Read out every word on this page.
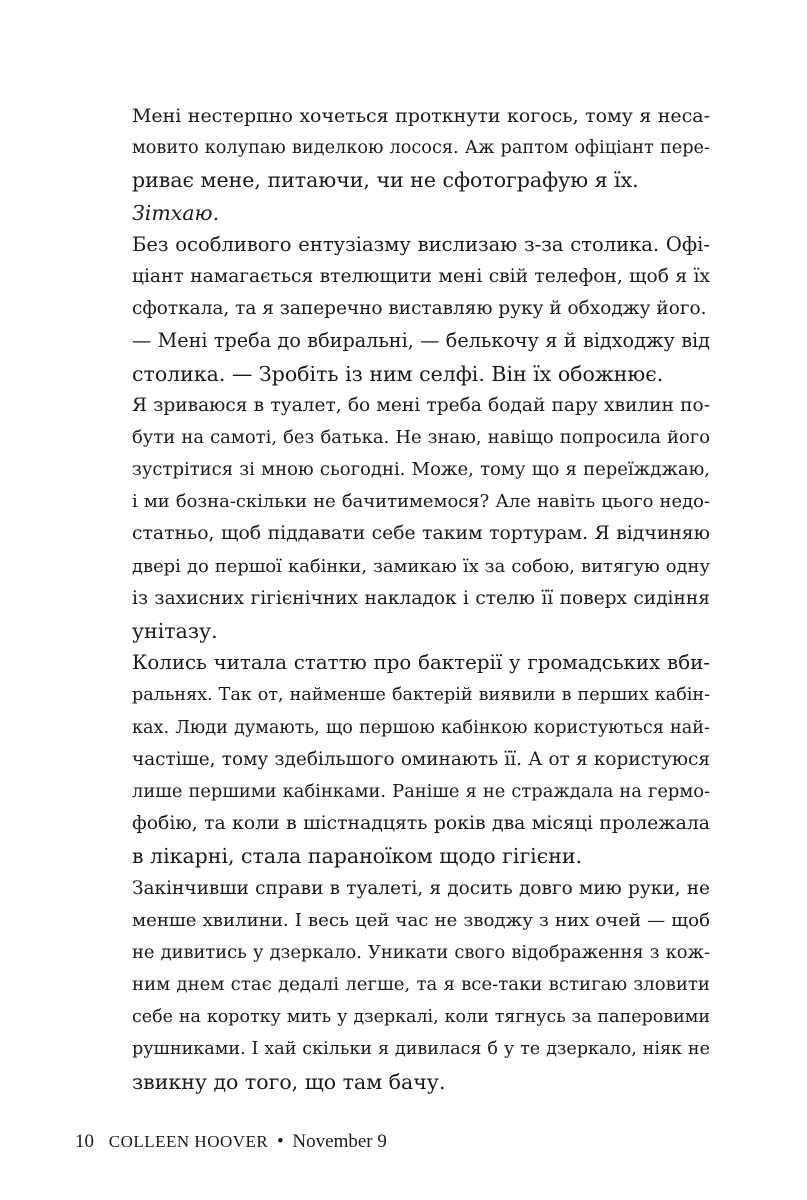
Мені нестерпно хочеться проткнути когось, тому я неса-
мовито колупаю виделкою лосося. Аж раптом офіціант пере-
риває мене, питаючи, чи не сфотографую я їх.
Зітхаю.
Без особливого ентузіазму вислизаю з-за столика. Офі-
ціант намагається втелющити мені свій телефон, щоб я їх
сфоткала, та я заперечно виставляю руку й обходжу його.
— Мені треба до вбиральні, — белькочу я й відходжу від
столика. — Зробіть із ним селфі. Він їх обожнює.
Я зриваюся в туалет, бо мені треба бодай пару хвилин по-
бути на самоті, без батька. Не знаю, навіщо попросила його
зустрітися зі мною сьогодні. Може, тому що я переїжджаю,
і ми бозна-скільки не бачитимемося? Але навіть цього недо-
статньо, щоб піддавати себе таким тортурам. Я відчиняю
двері до першої кабінки, замикаю їх за собою, витягую одну
із захисних гігієнічних накладок і стелю її поверх сидіння
унітазу.
Колись читала статтю про бактерії у громадських вби-
ральнях. Так от, найменше бактерій виявили в перших кабін-
ках. Люди думають, що першою кабінкою користуються най-
частіше, тому здебільшого оминають її. А от я користуюся
лише першими кабінками. Раніше я не страждала на гермо-
фобію, та коли в шістнадцять років два місяці пролежала
в лікарні, стала параноїком щодо гігієни.
Закінчивши справи в туалеті, я досить довго мию руки, не
менше хвилини. І весь цей час не зводжу з них очей — щоб
не дивитись у дзеркало. Уникати свого відображення з кож-
ним днем стає дедалі легше, та я все-таки встигаю зловити
себе на коротку мить у дзеркалі, коли тягнусь за паперовими
рушниками. І хай скільки я дивилася б у те дзеркало, ніяк не
звикну до того, що там бачу.
10 COLLEEN HOOVER • November 9
